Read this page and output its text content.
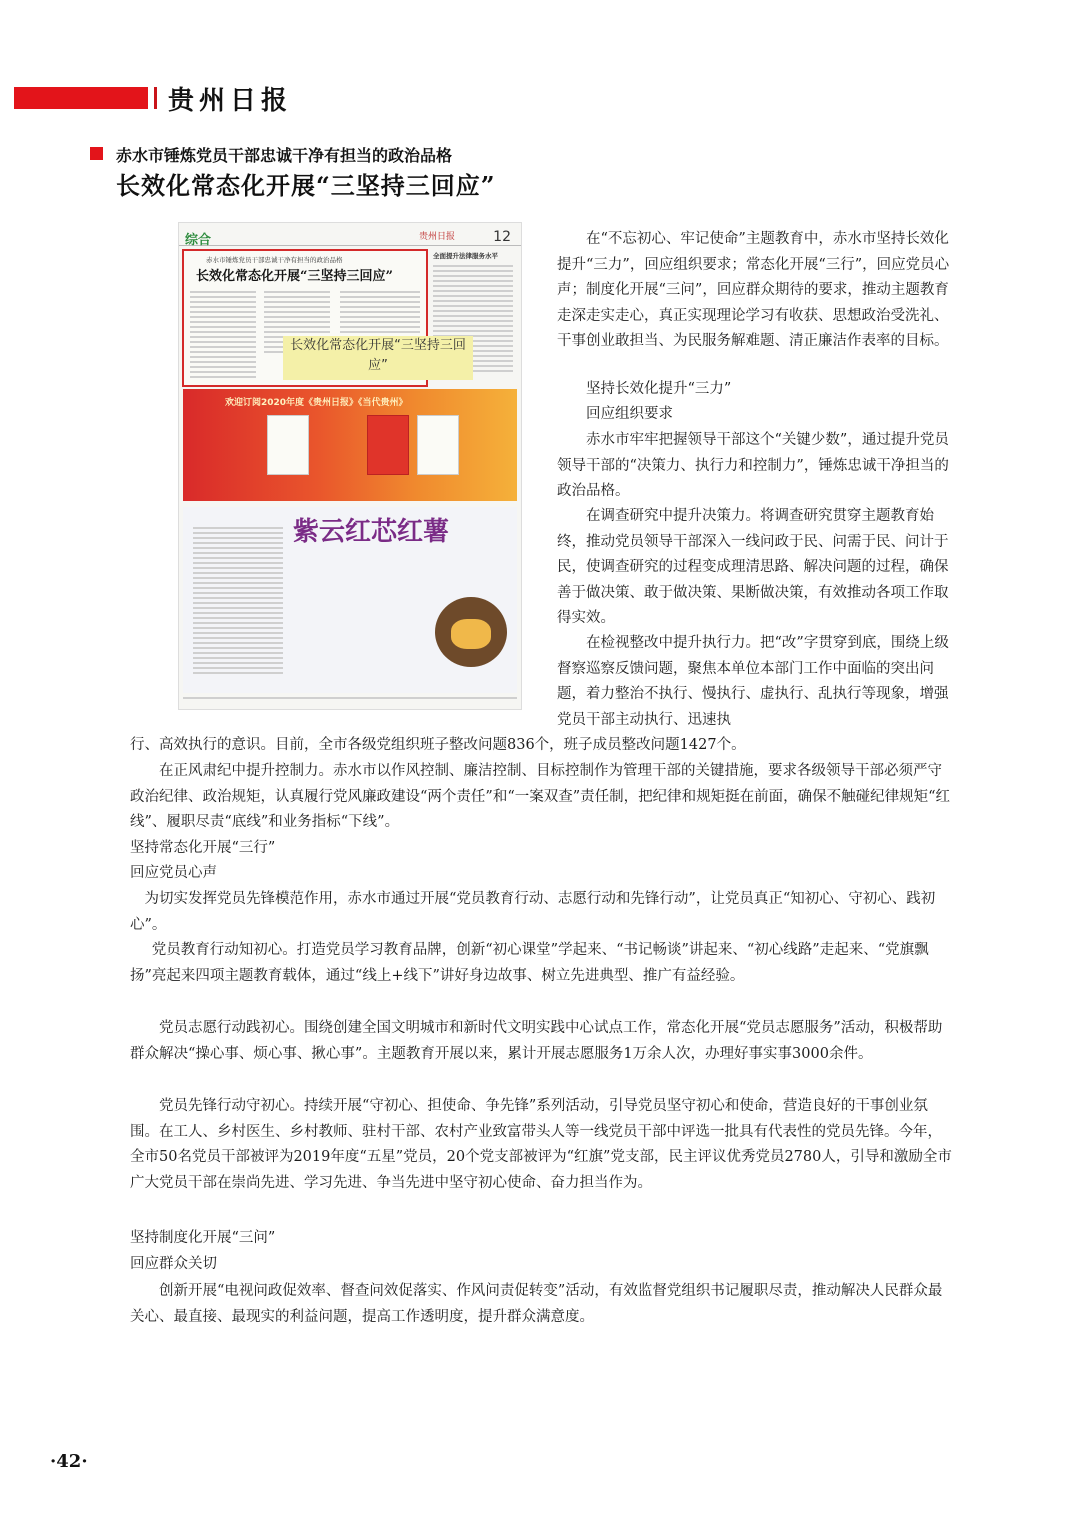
贵州日报
赤水市锤炼党员干部忠诚干净有担当的政治品格
长效化常态化开展“三坚持三回应”
综合	贵州日报	12
赤水市锤炼党员干部忠诚干净有担当的政治品格
长效化常态化开展“三坚持三回应”
全面提升法律服务水平
长效化常态化开展“三坚持三回应”
欢迎订阅2020年度《贵州日报》《当代贵州》
紫云红芯红薯

在“不忘初心、牢记使命”主题教育中，赤水市坚持长效化提升“三力”，回应组织要求；常态化开展“三行”，回应党员心声；制度化开展“三问”，回应群众期待的要求，推动主题教育走深走实走心，真正实现理论学习有收获、思想政治受洗礼、干事创业敢担当、为民服务解难题、清正廉洁作表率的目标。

坚持长效化提升“三力”

回应组织要求

赤水市牢牢把握领导干部这个“关键少数”，通过提升党员领导干部的“决策力、执行力和控制力”，锤炼忠诚干净担当的政治品格。

在调查研究中提升决策力。将调查研究贯穿主题教育始终，推动党员领导干部深入一线问政于民、问需于民、问计于民，使调查研究的过程变成理清思路、解决问题的过程，确保善于做决策、敢于做决策、果断做决策，有效推动各项工作取得实效。

在检视整改中提升执行力。把“改”字贯穿到底，围绕上级督察巡察反馈问题，聚焦本单位本部门工作中面临的突出问题，着力整治不执行、慢执行、虚执行、乱执行等现象，增强党员干部主动执行、迅速执

行、高效执行的意识。目前，全市各级党组织班子整改问题836个，班子成员整改问题1427个。

在正风肃纪中提升控制力。赤水市以作风控制、廉洁控制、目标控制作为管理干部的关键措施，要求各级领导干部必须严守政治纪律、政治规矩，认真履行党风廉政建设“两个责任”和“一案双查”责任制，把纪律和规矩挺在前面，确保不触碰纪律规矩“红线”、履职尽责“底线”和业务指标“下线”。

坚持常态化开展“三行”

回应党员心声

为切实发挥党员先锋模范作用，赤水市通过开展“党员教育行动、志愿行动和先锋行动”，让党员真正“知初心、守初心、践初心”。

党员教育行动知初心。打造党员学习教育品牌，创新“初心课堂”学起来、“书记畅谈”讲起来、“初心线路”走起来、“党旗飘扬”亮起来四项主题教育载体，通过“线上+线下”讲好身边故事、树立先进典型、推广有益经验。

党员志愿行动践初心。围绕创建全国文明城市和新时代文明实践中心试点工作，常态化开展“党员志愿服务”活动，积极帮助群众解决“操心事、烦心事、揪心事”。主题教育开展以来，累计开展志愿服务1万余人次，办理好事实事3000余件。

党员先锋行动守初心。持续开展“守初心、担使命、争先锋”系列活动，引导党员坚守初心和使命，营造良好的干事创业氛围。在工人、乡村医生、乡村教师、驻村干部、农村产业致富带头人等一线党员干部中评选一批具有代表性的党员先锋。今年，全市50名党员干部被评为2019年度“五星”党员，20个党支部被评为“红旗”党支部，民主评议优秀党员2780人，引导和激励全市广大党员干部在崇尚先进、学习先进、争当先进中坚守初心使命、奋力担当作为。

坚持制度化开展“三问”

回应群众关切

创新开展“电视问政促效率、督查问效促落实、作风问责促转变”活动，有效监督党组织书记履职尽责，推动解决人民群众最关心、最直接、最现实的利益问题，提高工作透明度，提升群众满意度。

·42·
